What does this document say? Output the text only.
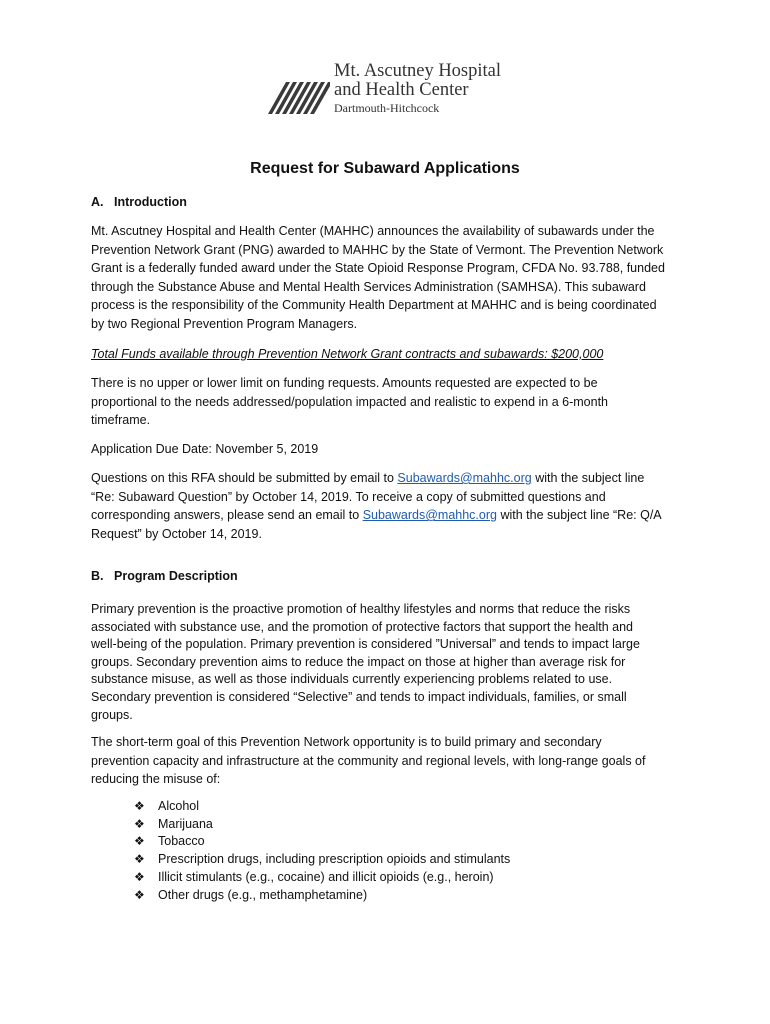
Mt. Ascutney Hospital
and Health Center
Dartmouth-Hitchcock
Request for Subaward Applications
A. Introduction
Mt. Ascutney Hospital and Health Center (MAHHC) announces the availability of subawards under the
Prevention Network Grant (PNG) awarded to MAHHC by the State of Vermont. The Prevention Network
Grant is a federally funded award under the State Opioid Response Program, CFDA No. 93.788, funded
through the Substance Abuse and Mental Health Services Administration (SAMHSA). This subaward
process is the responsibility of the Community Health Department at MAHHC and is being coordinated
by two Regional Prevention Program Managers.
Total Funds available through Prevention Network Grant contracts and subawards: $200,000
There is no upper or lower limit on funding requests. Amounts requested are expected to be
proportional to the needs addressed/population impacted and realistic to expend in a 6-month
timeframe.
Application Due Date: November 5, 2019
Questions on this RFA should be submitted by email to Subawards@mahhc.org with the subject line
“Re: Subaward Question” by October 14, 2019. To receive a copy of submitted questions and
corresponding answers, please send an email to Subawards@mahhc.org with the subject line “Re: Q/A
Request” by October 14, 2019.
B. Program Description
Primary prevention is the proactive promotion of healthy lifestyles and norms that reduce the risks
associated with substance use, and the promotion of protective factors that support the health and
well-being of the population. Primary prevention is considered ”Universal” and tends to impact large
groups. Secondary prevention aims to reduce the impact on those at higher than average risk for
substance misuse, as well as those individuals currently experiencing problems related to use.
Secondary prevention is considered “Selective” and tends to impact individuals, families, or small
groups.
The short-term goal of this Prevention Network opportunity is to build primary and secondary
prevention capacity and infrastructure at the community and regional levels, with long-range goals of
reducing the misuse of:
❖	Alcohol
❖	Marijuana
❖	Tobacco
❖	Prescription drugs, including prescription opioids and stimulants
❖	Illicit stimulants (e.g., cocaine) and illicit opioids (e.g., heroin)
❖	Other drugs (e.g., methamphetamine)
